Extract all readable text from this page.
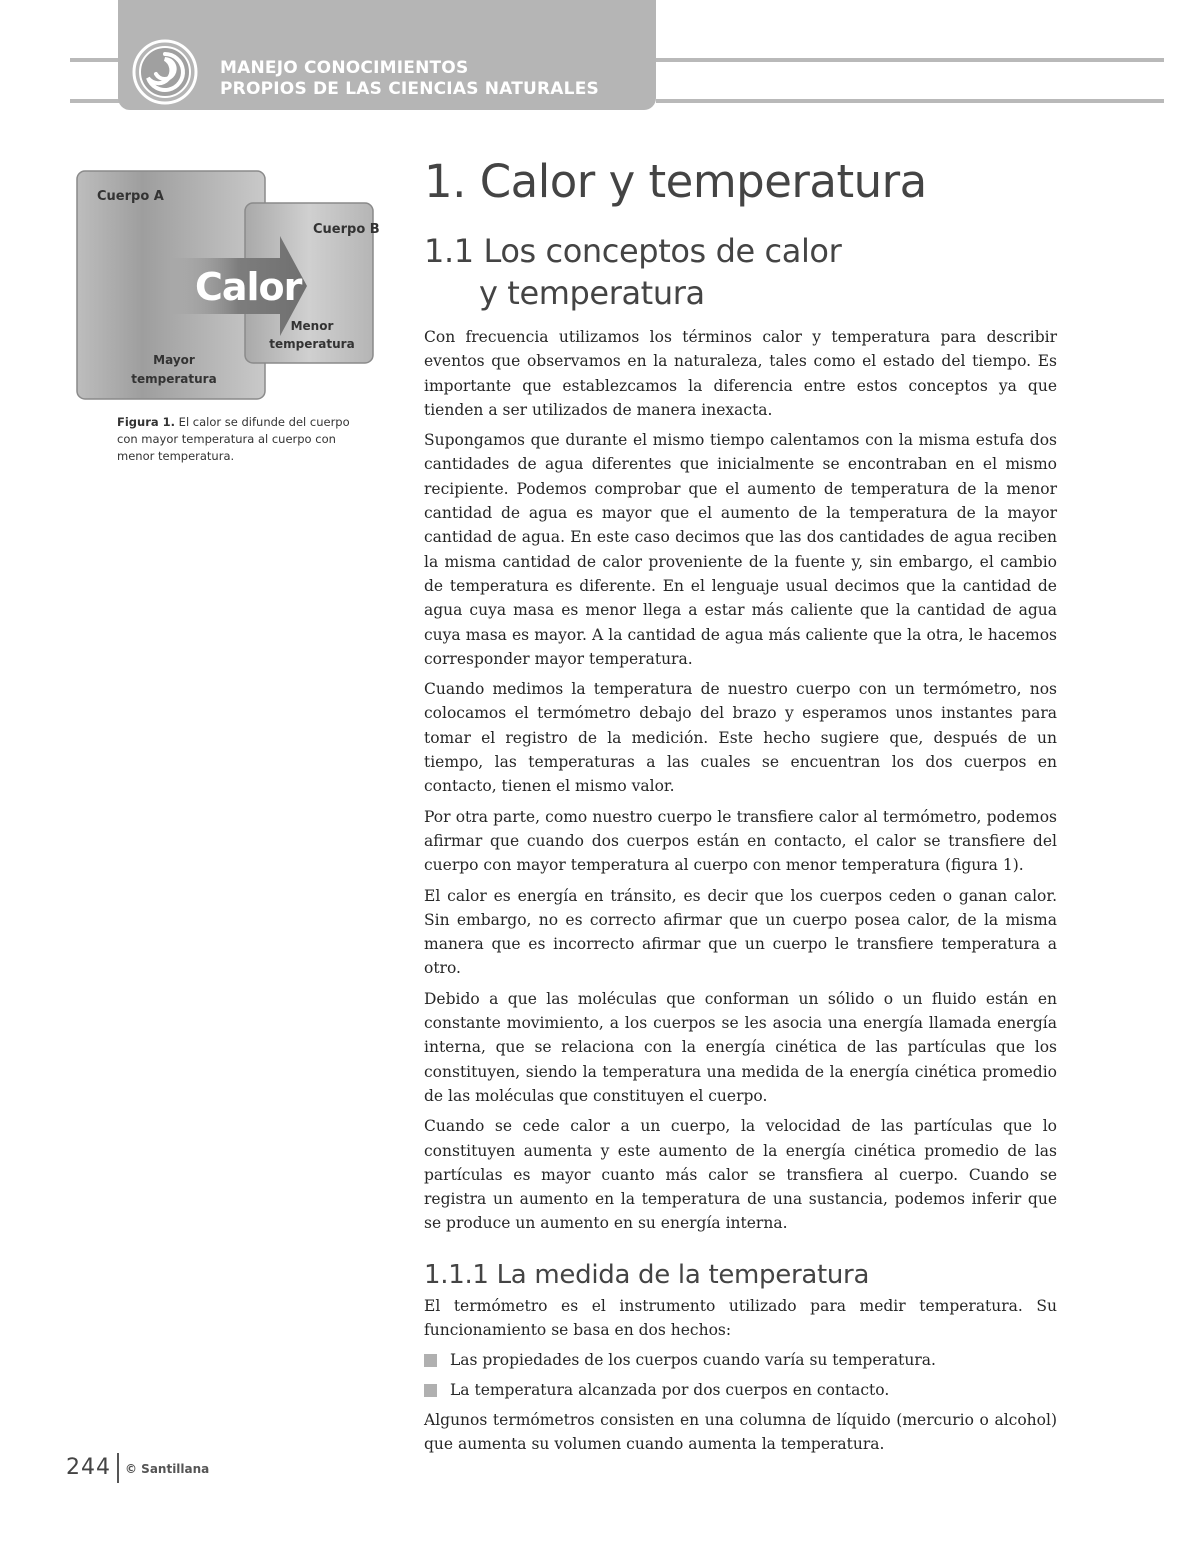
MANEJO CONOCIMIENTOS
PROPIOS DE LAS CIENCIAS NATURALES
Cuerpo A
Cuerpo B
Calor
Menor
temperatura
Mayor
temperatura
Figura 1. El calor se difunde del cuerpo con mayor temperatura al cuerpo con menor temperatura.
1. Calor y temperatura
1.1 Los conceptos de calor
y temperatura

Con frecuencia utilizamos los términos calor y temperatura para describir eventos que observamos en la naturaleza, tales como el estado del tiempo. Es importante que establezcamos la diferencia entre estos conceptos ya que tienden a ser utilizados de manera inexacta.

Supongamos que durante el mismo tiempo calentamos con la misma estufa dos cantidades de agua diferentes que inicialmente se encontraban en el mismo recipiente. Podemos comprobar que el aumento de temperatura de la menor cantidad de agua es mayor que el aumento de la temperatura de la mayor cantidad de agua. En este caso decimos que las dos cantidades de agua reciben la misma cantidad de calor proveniente de la fuente y, sin embargo, el cambio de temperatura es diferente. En el lenguaje usual decimos que la cantidad de agua cuya masa es menor llega a estar más caliente que la cantidad de agua cuya masa es mayor. A la cantidad de agua más caliente que la otra, le hacemos corresponder mayor temperatura.

Cuando medimos la temperatura de nuestro cuerpo con un termómetro, nos colocamos el termómetro debajo del brazo y esperamos unos instantes para tomar el registro de la medición. Este hecho sugiere que, después de un tiempo, las temperaturas a las cuales se encuentran los dos cuerpos en contacto, tienen el mismo valor.

Por otra parte, como nuestro cuerpo le transfiere calor al termómetro, podemos afirmar que cuando dos cuerpos están en contacto, el calor se transfiere del cuerpo con mayor temperatura al cuerpo con menor temperatura (figura 1).

El calor es energía en tránsito, es decir que los cuerpos ceden o ganan calor. Sin embargo, no es correcto afirmar que un cuerpo posea calor, de la misma manera que es incorrecto afirmar que un cuerpo le transfiere temperatura a otro.

Debido a que las moléculas que conforman un sólido o un fluido están en constante movimiento, a los cuerpos se les asocia una energía llamada energía interna, que se relaciona con la energía cinética de las partículas que los constituyen, siendo la temperatura una medida de la energía cinética promedio de las moléculas que constituyen el cuerpo.

Cuando se cede calor a un cuerpo, la velocidad de las partículas que lo constituyen aumenta y este aumento de la energía cinética promedio de las partículas es mayor cuanto más calor se transfiera al cuerpo. Cuando se registra un aumento en la temperatura de una sustancia, podemos inferir que se produce un aumento en su energía interna.

1.1.1 La medida de la temperatura

El termómetro es el instrumento utilizado para medir temperatura. Su funcionamiento se basa en dos hechos:

Las propiedades de los cuerpos cuando varía su temperatura.
La temperatura alcanzada por dos cuerpos en contacto.

Algunos termómetros consisten en una columna de líquido (mercurio o alcohol) que aumenta su volumen cuando aumenta la temperatura.

244 © Santillana
